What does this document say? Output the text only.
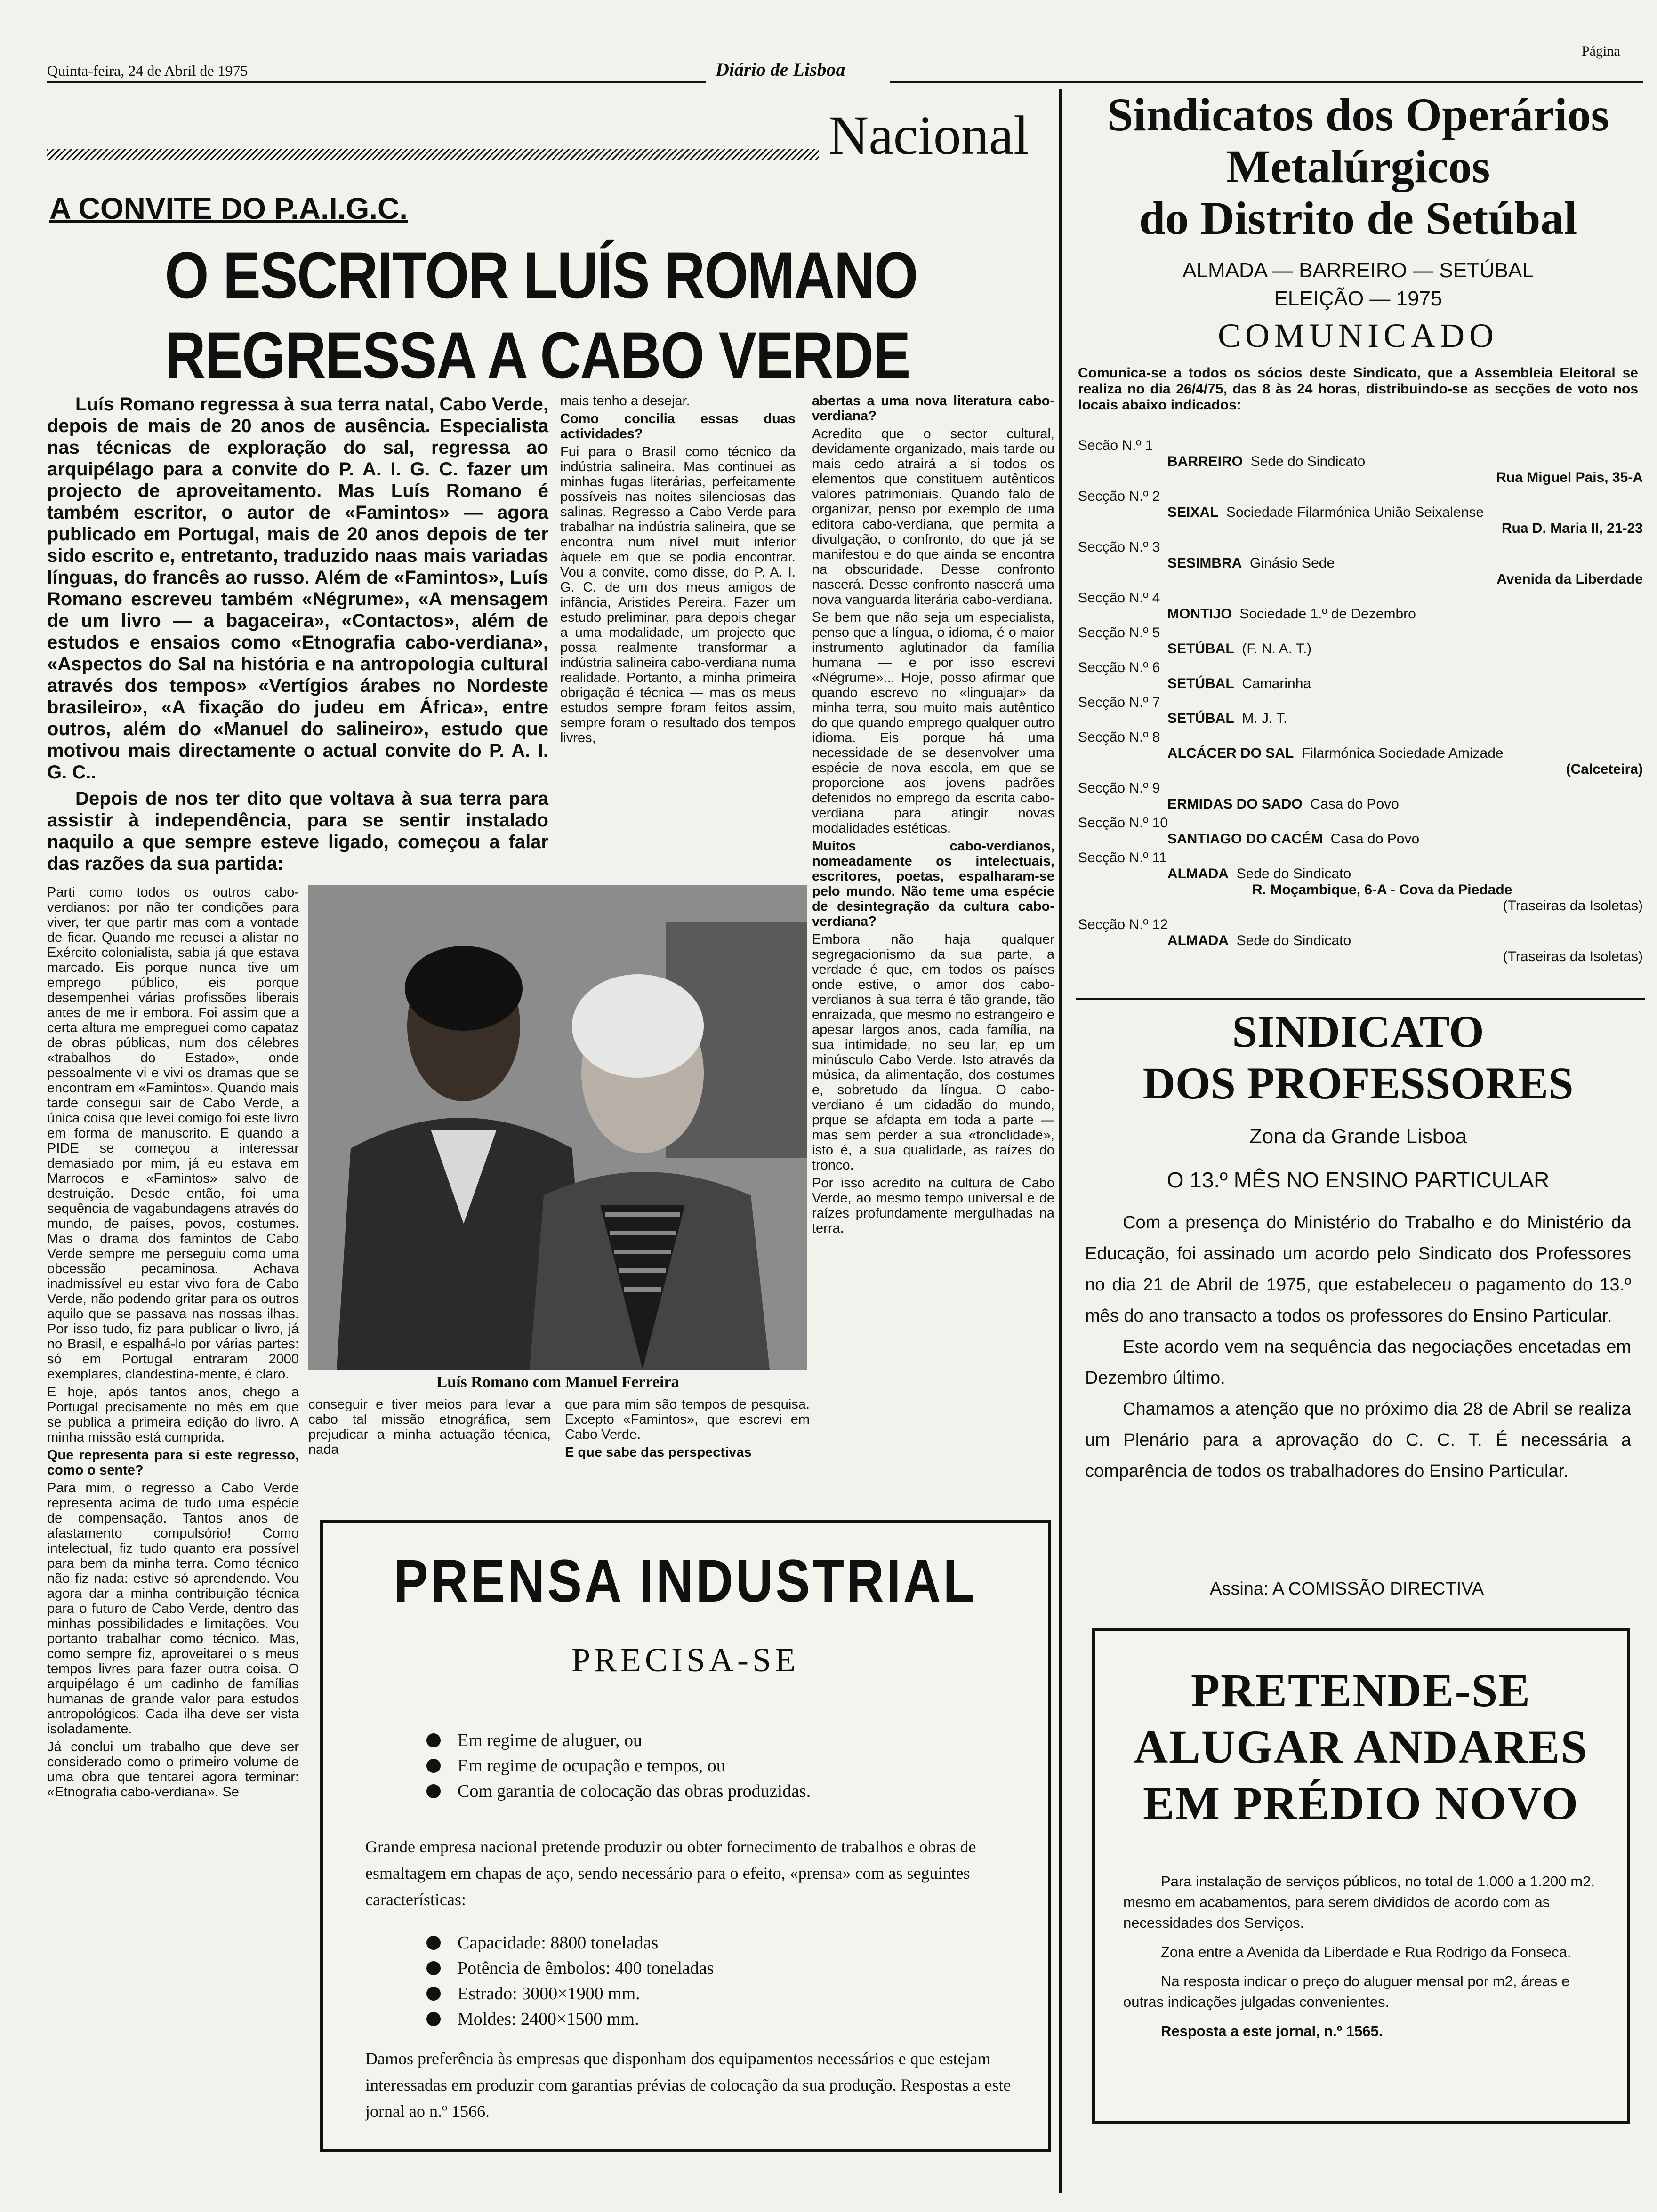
Quinta-feira, 24 de Abril de 1975	Diário de Lisboa
Página
Nacional
A CONVITE DO P.A.I.G.C.
O ESCRITOR LUÍS ROMANO
REGRESSA A CABO VERDE

Luís Romano regressa à sua terra natal, Cabo Verde, depois de mais de 20 anos de ausência. Especialista nas técnicas de exploração do sal, regressa ao arquipélago para a convite do P. A. I. G. C. fazer um projecto de aproveitamento. Mas Luís Romano é também escritor, o autor de «Famintos» — agora publicado em Portugal, mais de 20 anos depois de ter sido escrito e, entretanto, traduzido naas mais variadas línguas, do francês ao russo. Além de «Famintos», Luís Romano escreveu também «Négrume», «A mensagem de um livro — a bagaceira», «Contactos», além de estudos e ensaios como «Etnografia cabo-verdiana», «Aspectos do Sal na história e na antropologia cultural através dos tempos» «Vertígios árabes no Nordeste brasileiro», «A fixação do judeu em África», entre outros, além do «Manuel do salineiro», estudo que motivou mais directamente o actual convite do P. A. I. G. C..

Depois de nos ter dito que voltava à sua terra para assistir à independência, para se sentir instalado naquilo a que sempre esteve ligado, começou a falar das razões da sua partida:

Parti como todos os outros cabo-verdianos: por não ter condições para viver, ter que partir mas com a vontade de ficar. Quando me recusei a alistar no Exército colonialista, sabia já que estava marcado. Eis porque nunca tive um emprego público, eis porque desempenhei várias profissões liberais antes de me ir embora. Foi assim que a certa altura me empreguei como capataz de obras públicas, num dos célebres «trabalhos do Estado», onde pessoalmente vi e vivi os dramas que se encontram em «Famintos». Quando mais tarde consegui sair de Cabo Verde, a única coisa que levei comigo foi este livro em forma de manuscrito. E quando a PIDE se começou a interessar demasiado por mim, já eu estava em Marrocos e «Famintos» salvo de destruição. Desde então, foi uma sequência de vagabundagens através do mundo, de países, povos, costumes. Mas o drama dos famintos de Cabo Verde sempre me perseguiu como uma obcessão pecaminosa. Achava inadmissível eu estar vivo fora de Cabo Verde, não podendo gritar para os outros aquilo que se passava nas nossas ilhas. Por isso tudo, fiz para publicar o livro, já no Brasil, e espalhá-lo por várias partes: só em Portugal entraram 2000 exemplares, clandestina-mente, é claro.

E hoje, após tantos anos, chego a Portugal precisamente no mês em que se publica a primeira edição do livro. A minha missão está cumprida.

Que representa para si este regresso, como o sente?

Para mim, o regresso a Cabo Verde representa acima de tudo uma espécie de compensação. Tantos anos de afastamento compulsório! Como intelectual, fiz tudo quanto era possível para bem da minha terra. Como técnico não fiz nada: estive só aprendendo. Vou agora dar a minha contribuição técnica para o futuro de Cabo Verde, dentro das minhas possibilidades e limitações. Vou portanto trabalhar como técnico. Mas, como sempre fiz, aproveitarei o s meus tempos livres para fazer outra coisa. O arquipélago é um cadinho de famílias humanas de grande valor para estudos antropológicos. Cada ilha deve ser vista isoladamente.

Já conclui um trabalho que deve ser considerado como o primeiro volume de uma obra que tentarei agora terminar: «Etnografia cabo-verdiana». Se

mais tenho a desejar.

Como concilia essas duas actividades?

Fui para o Brasil como técnico da indústria salineira. Mas continuei as minhas fugas literárias, perfeitamente possíveis nas noites silenciosas das salinas. Regresso a Cabo Verde para trabalhar na indústria salineira, que se encontra num nível muit inferior àquele em que se podia encontrar. Vou a convite, como disse, do P. A. I. G. C. de um dos meus amigos de infância, Aristides Pereira. Fazer um estudo preliminar, para depois chegar a uma modalidade, um projecto que possa realmente transformar a indústria salineira cabo-verdiana numa realidade. Portanto, a minha primeira obrigação é técnica — mas os meus estudos sempre foram feitos assim, sempre foram o resultado dos tempos livres,

abertas a uma nova literatura cabo-verdiana?

Acredito que o sector cultural, devidamente organizado, mais tarde ou mais cedo atrairá a si todos os elementos que constituem autênticos valores patrimoniais. Quando falo de organizar, penso por exemplo de uma editora cabo-verdiana, que permita a divulgação, o confronto, do que já se manifestou e do que ainda se encontra na obscuridade. Desse confronto nascerá. Desse confronto nascerá uma nova vanguarda literária cabo-verdiana.

Se bem que não seja um especialista, penso que a língua, o idioma, é o maior instrumento aglutinador da família humana — e por isso escrevi «Négrume»... Hoje, posso afirmar que quando escrevo no «linguajar» da minha terra, sou muito mais autêntico do que quando emprego qualquer outro idioma. Eis porque há uma necessidade de se desenvolver uma espécie de nova escola, em que se proporcione aos jovens padrões defenidos no emprego da escrita cabo-verdiana para atingir novas modalidades estéticas.

Muitos cabo-verdianos, nomeadamente os intelectuais, escritores, poetas, espalharam-se pelo mundo. Não teme uma espécie de desintegração da cultura cabo-verdiana?

Embora não haja qualquer segregacionismo da sua parte, a verdade é que, em todos os países onde estive, o amor dos cabo-verdianos à sua terra é tão grande, tão enraizada, que mesmo no estrangeiro e apesar largos anos, cada família, na sua intimidade, no seu lar, ep um minúsculo Cabo Verde. Isto através da música, da alimentação, dos costumes e, sobretudo da língua. O cabo-verdiano é um cidadão do mundo, prque se afdapta em toda a parte — mas sem perder a sua «tronclidade», isto é, a sua qualidade, as raízes do tronco.

Por isso acredito na cultura de Cabo Verde, ao mesmo tempo universal e de raízes profundamente mergulhadas na terra.

Luís Romano com Manuel Ferreira

conseguir e tiver meios para levar a cabo tal missão etnográfica, sem prejudicar a minha actuação técnica, nada

que para mim são tempos de pesquisa. Excepto «Famintos», que escrevi em Cabo Verde.

E que sabe das perspectivas

PRENSA INDUSTRIAL
PRECISA-SE
Em regime de aluguer, ou
Em regime de ocupação e tempos, ou
Com garantia de colocação das obras produzidas.
Grande empresa nacional pretende produzir ou obter fornecimento de trabalhos e obras de esmaltagem em chapas de aço, sendo necessário para o efeito, «prensa» com as seguintes características:
Capacidade: 8800 toneladas
Potência de êmbolos: 400 toneladas
Estrado: 3000×1900 mm.
Moldes: 2400×1500 mm.
Damos preferência às empresas que disponham dos equipamentos necessários e que estejam interessadas em produzir com garantias prévias de colocação da sua produção. Respostas a este jornal ao n.º 1566.
Sindicatos dos Operários
Metalúrgicos
do Distrito de Setúbal
ALMADA — BARREIRO — SETÚBAL
ELEIÇÃO — 1975
COMUNICADO
Comunica-se a todos os sócios deste Sindicato, que a Assembleia Eleitoral se realiza no dia 26/4/75, das 8 às 24 horas, distribuindo-se as secções de voto nos locais abaixo indicados:
Secão N.º 1
BARREIRO Sede do Sindicato
Rua Miguel Pais, 35-A
Secção N.º 2
SEIXAL Sociedade Filarmónica União Seixalense
Rua D. Maria II, 21-23
Secção N.º 3
SESIMBRA Ginásio Sede
Avenida da Liberdade
Secção N.º 4
MONTIJO Sociedade 1.º de Dezembro
Secção N.º 5
SETÚBAL (F. N. A. T.)
Secção N.º 6
SETÚBAL Camarinha
Secção N.º 7
SETÚBAL M. J. T.
Secção N.º 8
ALCÁCER DO SAL Filarmónica Sociedade Amizade
(Calceteira)
Secção N.º 9
ERMIDAS DO SADO Casa do Povo
Secção N.º 10
SANTIAGO DO CACÉM Casa do Povo
Secção N.º 11
ALMADA Sede do Sindicato
R. Moçambique, 6-A - Cova da Piedade
(Traseiras da Isoletas)
Secção N.º 12
ALMADA Sede do Sindicato
(Traseiras da Isoletas)
SINDICATO
DOS PROFESSORES
Zona da Grande Lisboa
O 13.º MÊS NO ENSINO PARTICULAR

Com a presença do Ministério do Trabalho e do Ministério da Educação, foi assinado um acordo pelo Sindicato dos Professores no dia 21 de Abril de 1975, que estabeleceu o pagamento do 13.º mês do ano transacto a todos os professores do Ensino Particular.

Este acordo vem na sequência das negociações encetadas em Dezembro último.

Chamamos a atenção que no próximo dia 28 de Abril se realiza um Plenário para a aprovação do C. C. T. É necessária a comparência de todos os trabalhadores do Ensino Particular.

Assina: A COMISSÃO DIRECTIVA
PRETENDE-SE
ALUGAR ANDARES
EM PRÉDIO NOVO

Para instalação de serviços públicos, no total de 1.000 a 1.200 m2, mesmo em acabamentos, para serem divididos de acordo com as necessidades dos Serviços.

Zona entre a Avenida da Liberdade e Rua Rodrigo da Fonseca.

Na resposta indicar o preço do aluguer mensal por m2, áreas e outras indicações julgadas convenientes.

Resposta a este jornal, n.º 1565.
